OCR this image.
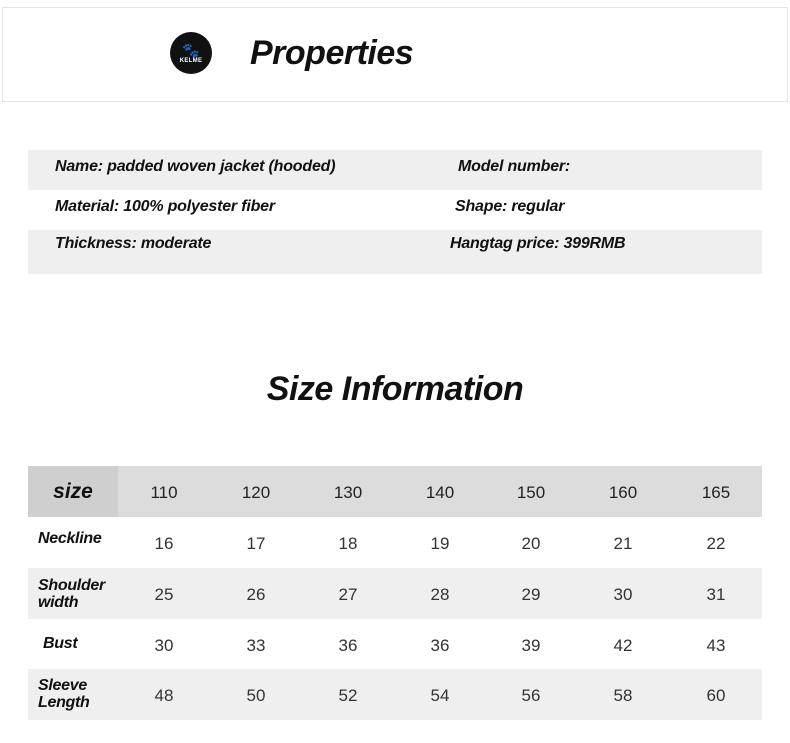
🐾
KELME Properties
Name: padded woven jacket (hooded)	Model number:
Material: 100% polyester fiber	Shape: regular
Thickness: moderate	Hangtag price: 399RMB
Size Information
size	110	120	130	140	150	160	165
Neckline	16	17	18	19	20	21	22
Shoulder
width	25	26	27	28	29	30	31
Bust	30	33	36	36	39	42	43
Sleeve
Length	48	50	52	54	56	58	60
